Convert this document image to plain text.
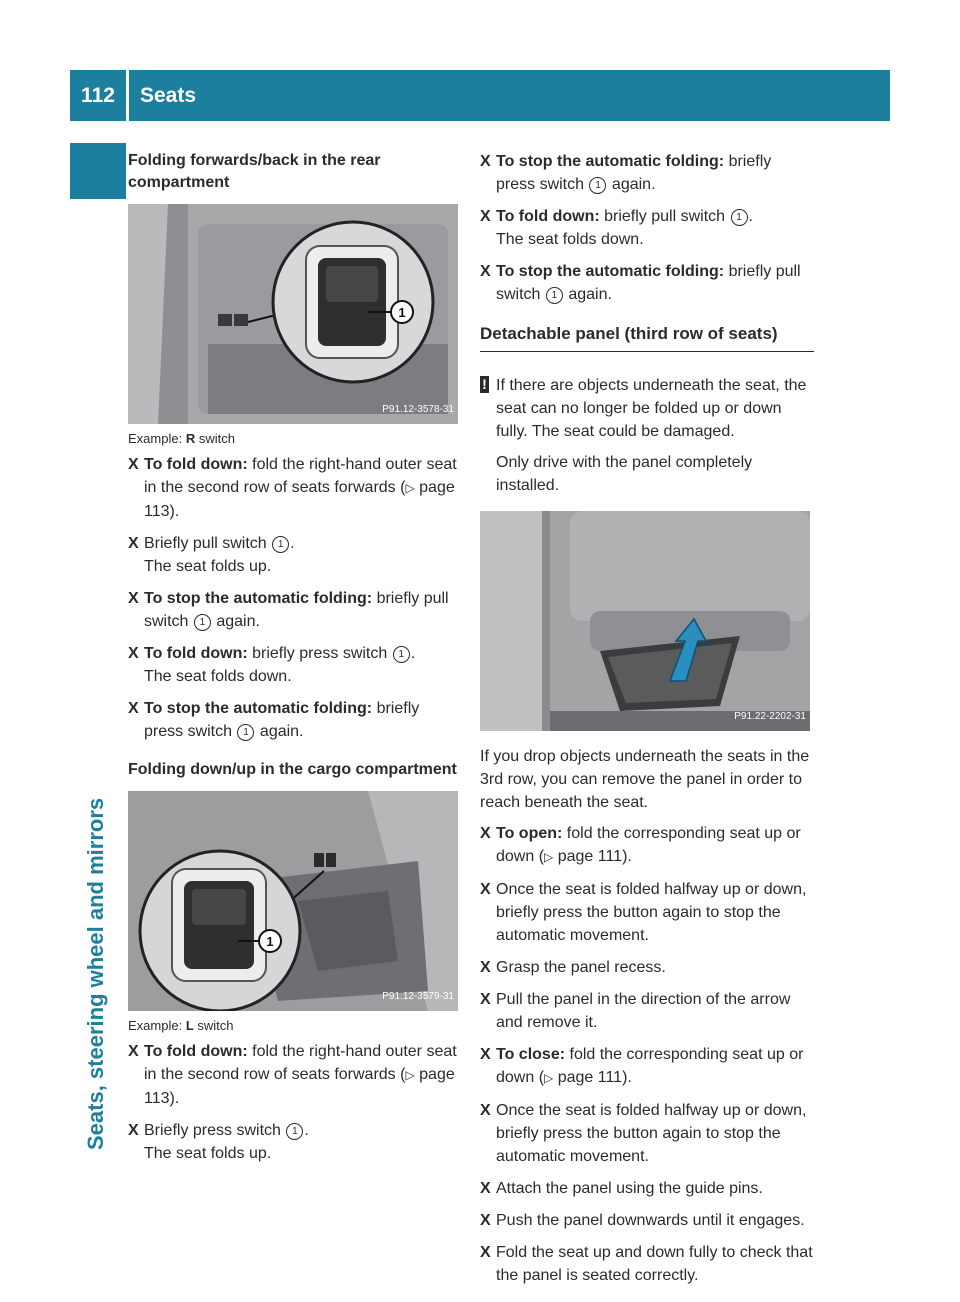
112	Seats
Seats, steering wheel and mirrors
Folding forwards/back in the rear compartment
1
P91.12-3578-31
Example: R switch
X To fold down: fold the right-hand outer seat in the second row of seats forwards (▷ page 113).
X Briefly pull switch 1 .
The seat folds up.
X To stop the automatic folding: briefly pull switch 1 again.
X To fold down: briefly press switch 1 .
The seat folds down.
X To stop the automatic folding: briefly press switch 1 again.
Folding down/up in the cargo compartment
1
P91.12-3579-31
Example: L switch
X To fold down: fold the right-hand outer seat in the second row of seats forwards (▷ page 113).
X Briefly press switch 1 .
The seat folds up.
X To stop the automatic folding: briefly press switch 1 again.
X To fold down: briefly pull switch 1 .
The seat folds down.
X To stop the automatic folding: briefly pull switch 1 again.
Detachable panel (third row of seats)
! If there are objects underneath the seat, the seat can no longer be folded up or down fully. The seat could be damaged.
Only drive with the panel completely installed.
P91.22-2202-31
If you drop objects underneath the seats in the 3rd row, you can remove the panel in order to reach beneath the seat.
X To open: fold the corresponding seat up or down (▷ page 111).
X Once the seat is folded halfway up or down, briefly press the button again to stop the automatic movement.
X Grasp the panel recess.
X Pull the panel in the direction of the arrow and remove it.
X To close: fold the corresponding seat up or down (▷ page 111).
X Once the seat is folded halfway up or down, briefly press the button again to stop the automatic movement.
X Attach the panel using the guide pins.
X Push the panel downwards until it engages.
X Fold the seat up and down fully to check that the panel is seated correctly.
